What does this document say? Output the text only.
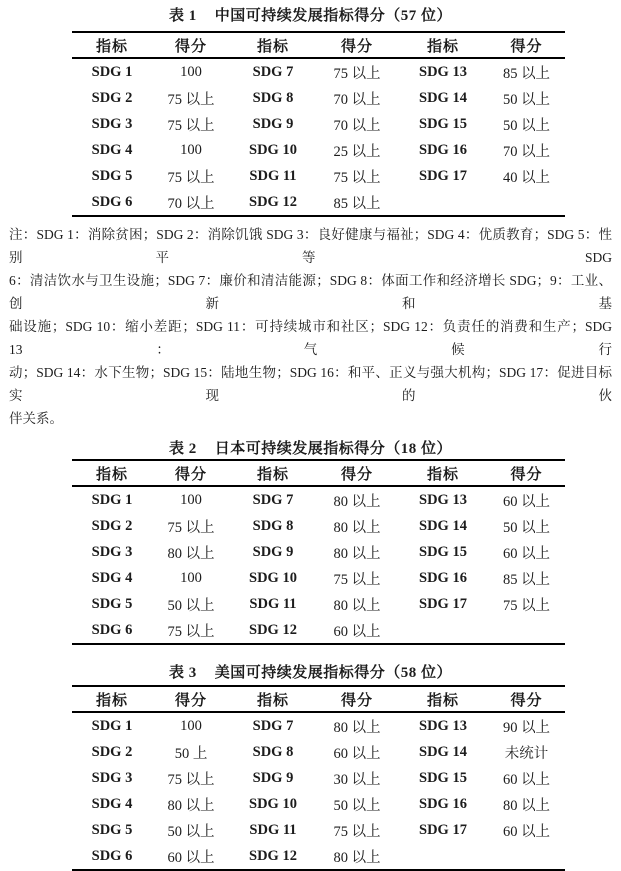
表 1 中国可持续发展指标得分（57 位）
指标	得分	指标	得分	指标	得分
SDG 1	100	SDG 7	75 以上	SDG 13	85 以上
SDG 2	75 以上	SDG 8	70 以上	SDG 14	50 以上
SDG 3	75 以上	SDG 9	70 以上	SDG 15	50 以上
SDG 4	100	SDG 10	25 以上	SDG 16	70 以上
SDG 5	75 以上	SDG 11	75 以上	SDG 17	40 以上
SDG 6	70 以上	SDG 12	85 以上		
注：SDG 1：消除贫困；SDG 2：消除饥饿 SDG 3：良好健康与福祉；SDG 4：优质教育；SDG 5：性别平等 SDG
6：清洁饮水与卫生设施；SDG 7：廉价和清洁能源；SDG 8：体面工作和经济增长 SDG；9：工业、创新和基
础设施；SDG 10：缩小差距；SDG 11：可持续城市和社区；SDG 12：负责任的消费和生产；SDG 13：气候行
动；SDG 14：水下生物；SDG 15：陆地生物；SDG 16：和平、正义与强大机构；SDG 17：促进目标实现的伙
伴关系。
表 2 日本可持续发展指标得分（18 位）
指标	得分	指标	得分	指标	得分
SDG 1	100	SDG 7	80 以上	SDG 13	60 以上
SDG 2	75 以上	SDG 8	80 以上	SDG 14	50 以上
SDG 3	80 以上	SDG 9	80 以上	SDG 15	60 以上
SDG 4	100	SDG 10	75 以上	SDG 16	85 以上
SDG 5	50 以上	SDG 11	80 以上	SDG 17	75 以上
SDG 6	75 以上	SDG 12	60 以上		
表 3 美国可持续发展指标得分（58 位）
指标	得分	指标	得分	指标	得分
SDG 1	100	SDG 7	80 以上	SDG 13	90 以上
SDG 2	50 上	SDG 8	60 以上	SDG 14	未统计
SDG 3	75 以上	SDG 9	30 以上	SDG 15	60 以上
SDG 4	80 以上	SDG 10	50 以上	SDG 16	80 以上
SDG 5	50 以上	SDG 11	75 以上	SDG 17	60 以上
SDG 6	60 以上	SDG 12	80 以上		
